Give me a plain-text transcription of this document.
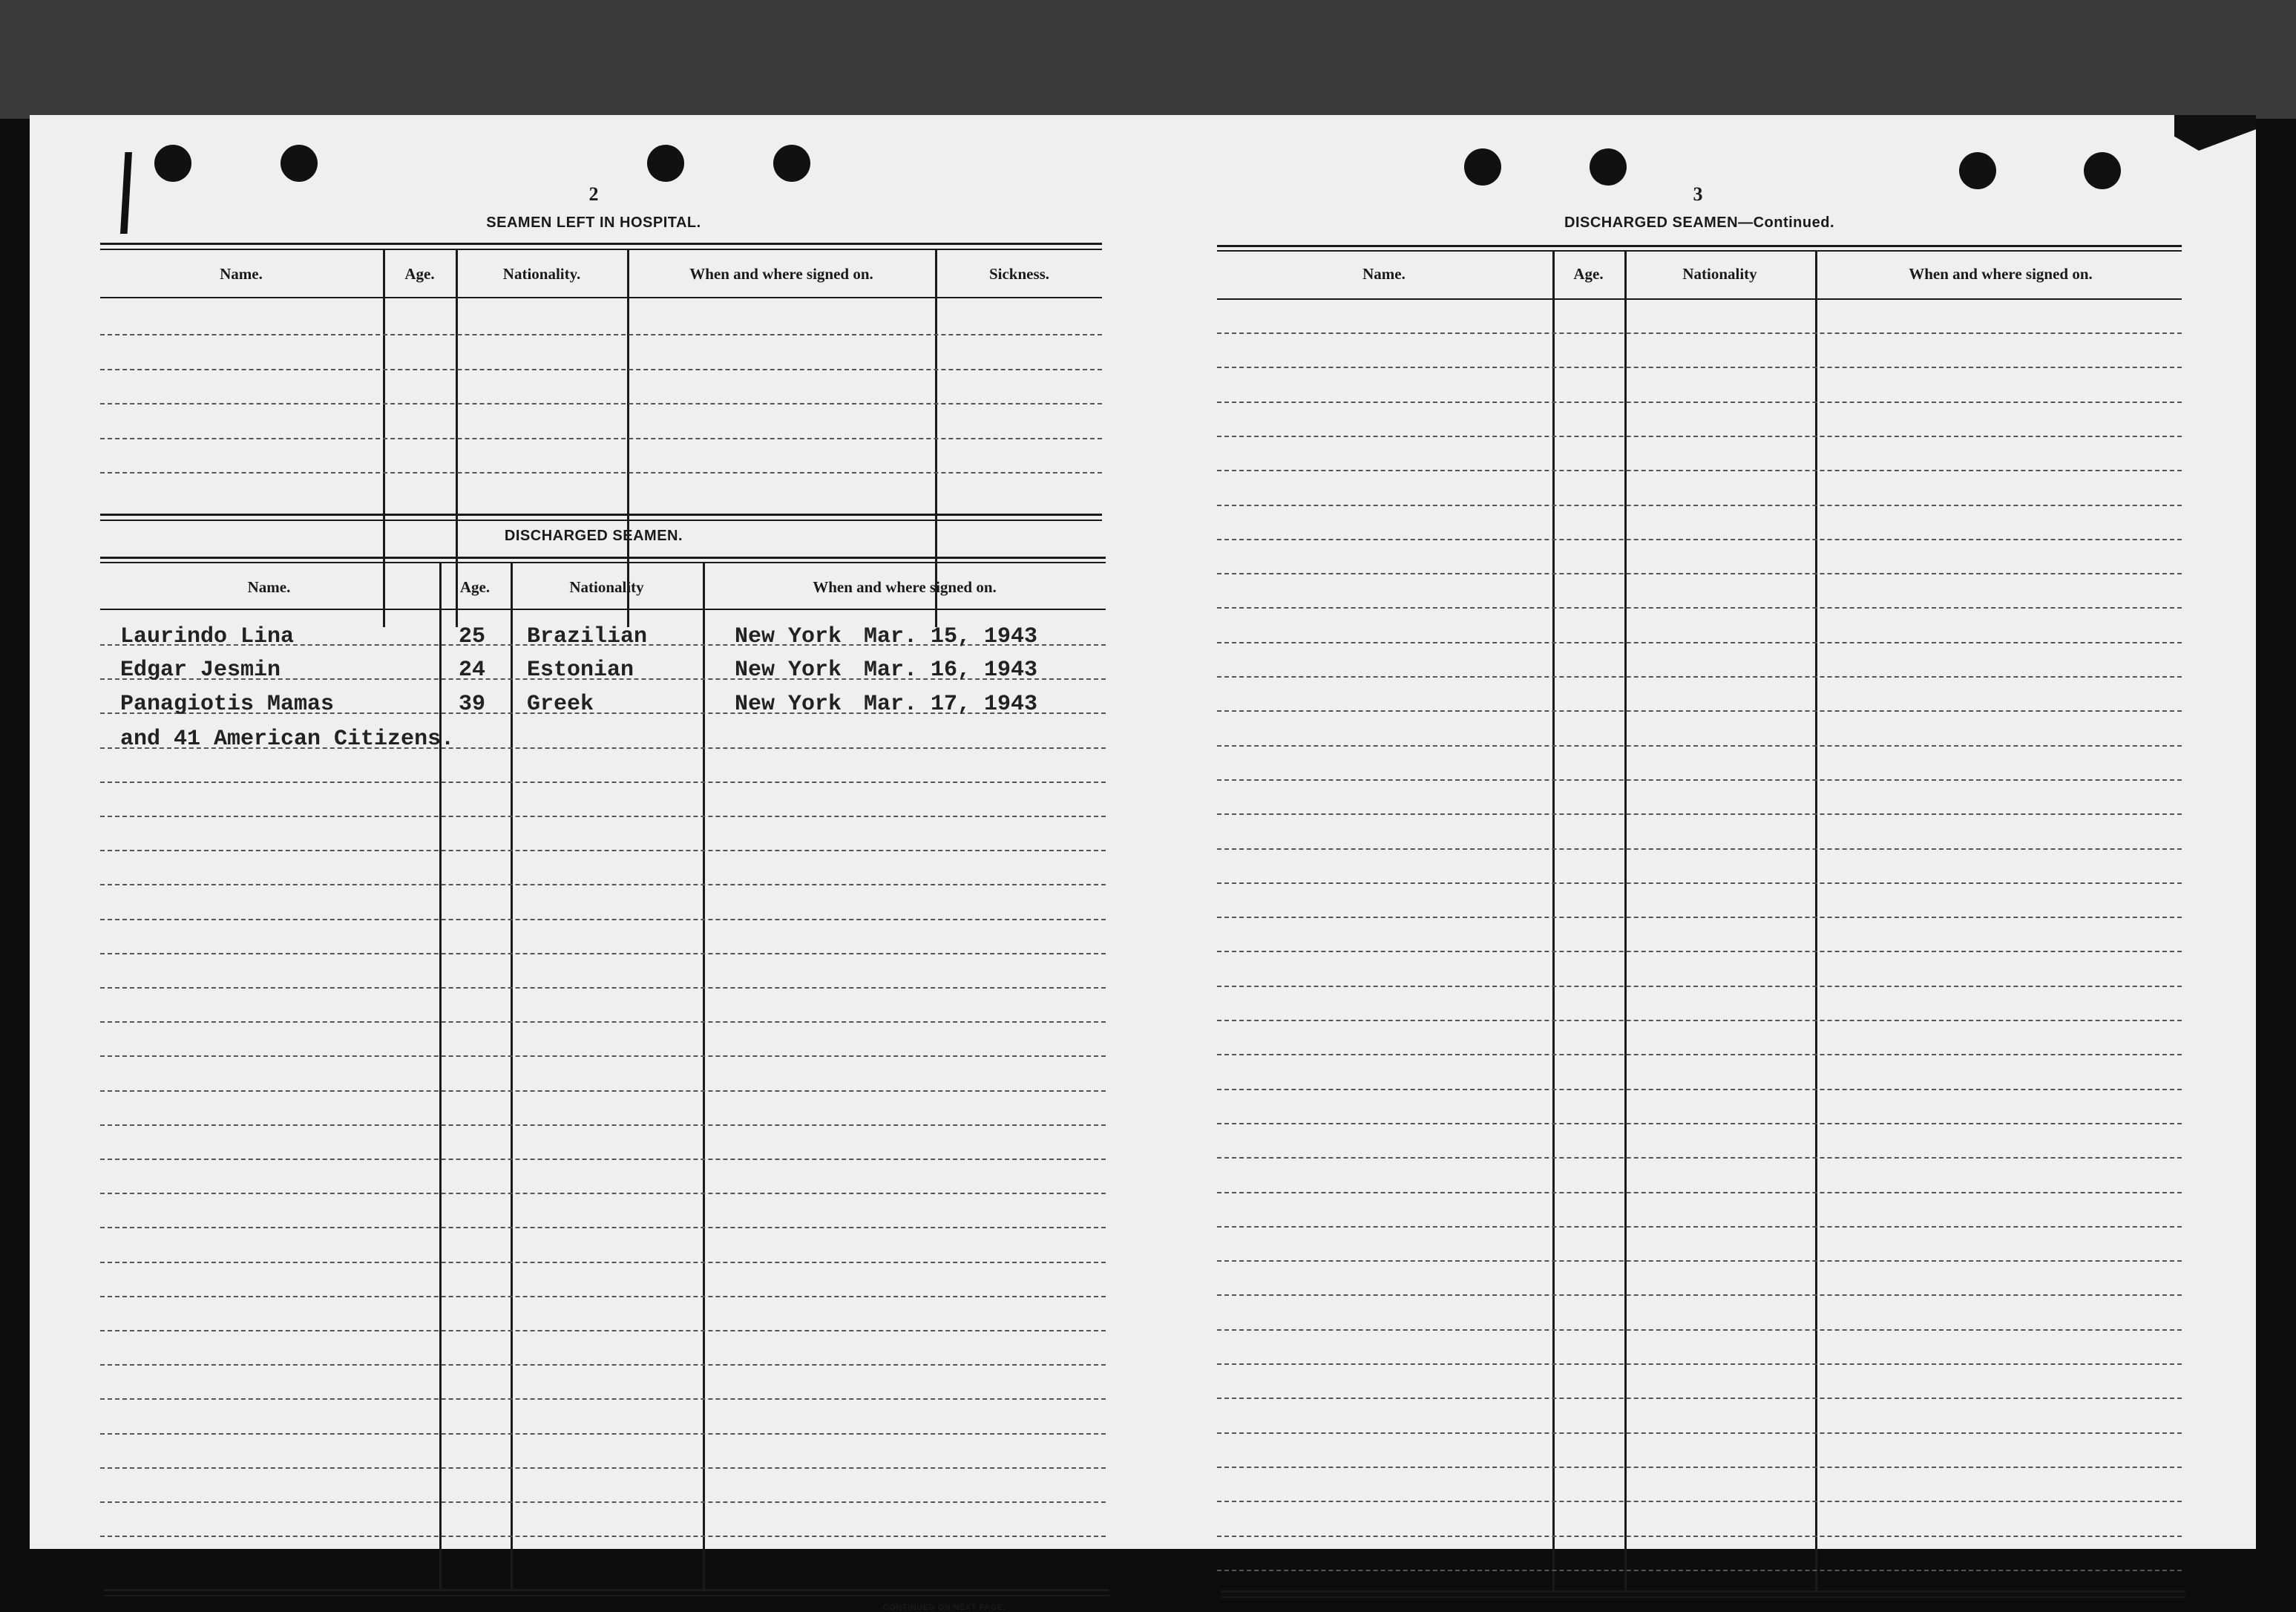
2
SEAMEN LEFT IN HOSPITAL.
Name.	Age.	Nationality.	When and where signed on.	Sickness.
DISCHARGED SEAMEN.
Name.	Age.	Nationality	When and where signed on.
Laurindo Lina	25 Brazilian	New York Mar. 15, 1943
Edgar Jesmin	24 Estonian	New York Mar. 16, 1943
Panagiotis Mamas	39 Greek	New York Mar. 17, 1943
and 41 American Citizens.
CONTINUED ON NEXT PAGE.
3
DISCHARGED SEAMEN—Continued.
Name.	Age.	Nationality	When and where signed on.
